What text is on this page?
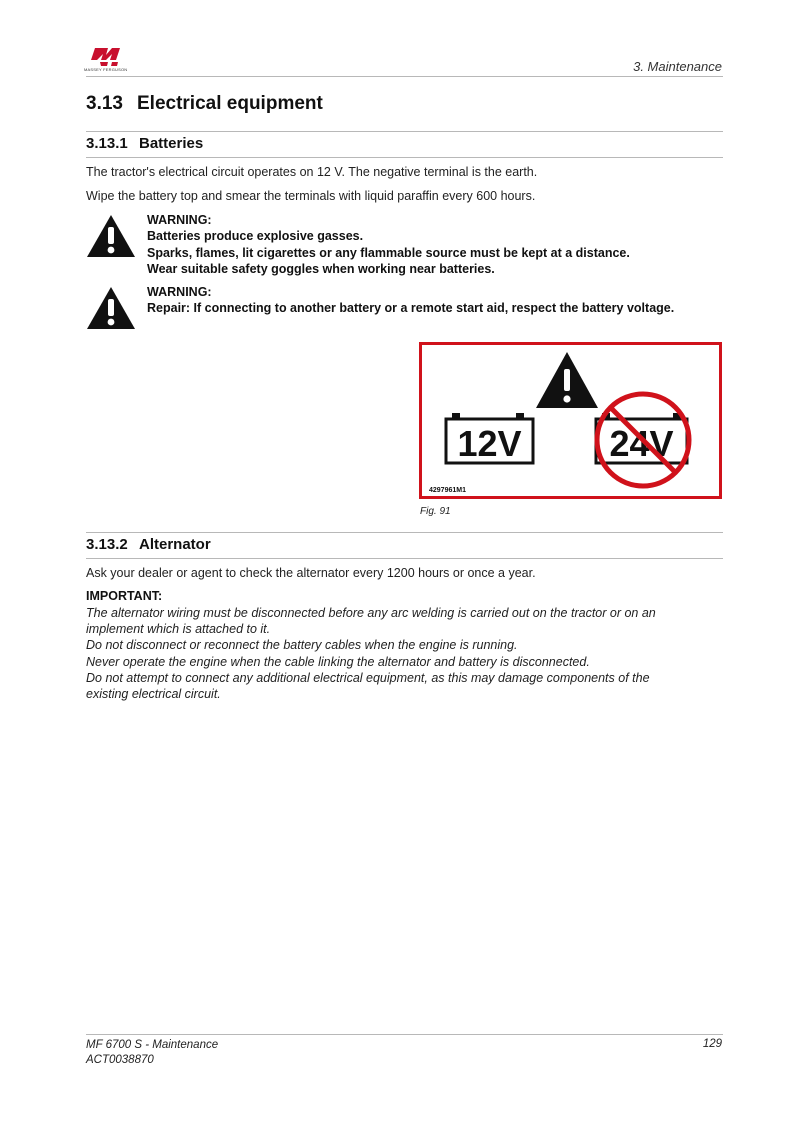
MASSEY FERGUSON	3. Maintenance
3.13 Electrical equipment
3.13.1 Batteries

The tractor's electrical circuit operates on 12 V. The negative terminal is the earth.

Wipe the battery top and smear the terminals with liquid paraffin every 600 hours.

WARNING:
Batteries produce explosive gasses.
Sparks, flames, lit cigarettes or any flammable source must be kept at a distance.
Wear suitable safety goggles when working near batteries.
WARNING:
Repair: If connecting to another battery or a remote start aid, respect the battery voltage.
12V 24V
4297961M1
Fig. 91
3.13.2 Alternator

Ask your dealer or agent to check the alternator every 1200 hours or once a year.

IMPORTANT:
The alternator wiring must be disconnected before any arc welding is carried out on the tractor or on an
implement which is attached to it.
Do not disconnect or reconnect the battery cables when the engine is running.
Never operate the engine when the cable linking the alternator and battery is disconnected.
Do not attempt to connect any additional electrical equipment, as this may damage components of the
existing electrical circuit.
MF 6700 S - Maintenance
ACT0038870
129
